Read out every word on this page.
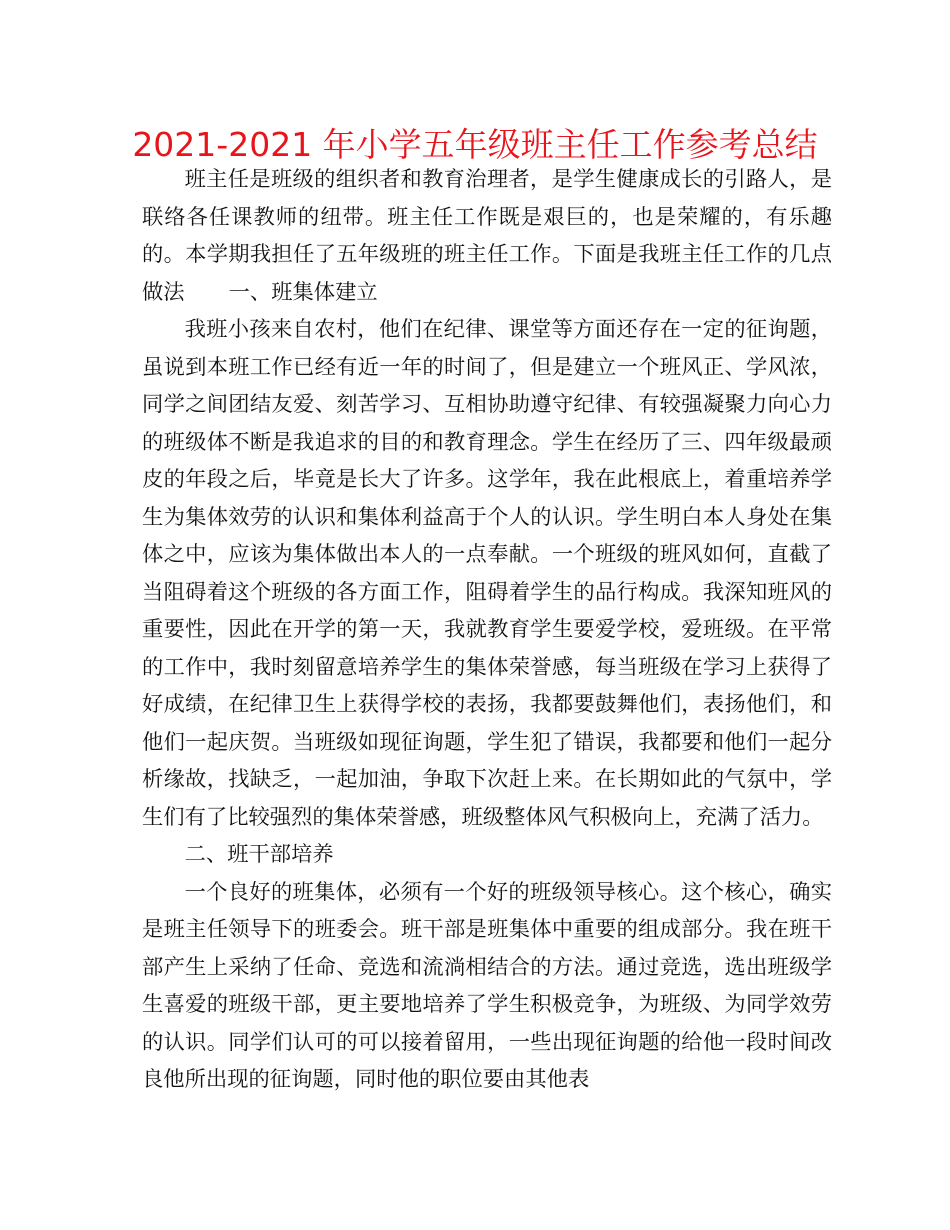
2021-2021 年小学五年级班主任工作参考总结

班主任是班级的组织者和教育治理者，是学生健康成长的引路人，是联络各任课教师的纽带。班主任工作既是艰巨的，也是荣耀的，有乐趣的。本学期我担任了五年级班的班主任工作。下面是我班主任工作的几点做法 一、班集体建立

我班小孩来自农村，他们在纪律、课堂等方面还存在一定的征询题，虽说到本班工作已经有近一年的时间了，但是建立一个班风正、学风浓，同学之间团结友爱、刻苦学习、互相协助遵守纪律、有较强凝聚力向心力的班级体不断是我追求的目的和教育理念。学生在经历了三、四年级最顽皮的年段之后，毕竟是长大了许多。这学年，我在此根底上，着重培养学生为集体效劳的认识和集体利益高于个人的认识。学生明白本人身处在集体之中，应该为集体做出本人的一点奉献。一个班级的班风如何，直截了当阻碍着这个班级的各方面工作，阻碍着学生的品行构成。我深知班风的重要性，因此在开学的第一天，我就教育学生要爱学校，爱班级。在平常的工作中，我时刻留意培养学生的集体荣誉感，每当班级在学习上获得了好成绩，在纪律卫生上获得学校的表扬，我都要鼓舞他们，表扬他们，和他们一起庆贺。当班级如现征询题，学生犯了错误，我都要和他们一起分析缘故，找缺乏，一起加油，争取下次赶上来。在长期如此的气氛中，学生们有了比较强烈的集体荣誉感，班级整体风气积极向上，充满了活力。

二、班干部培养

一个良好的班集体，必须有一个好的班级领导核心。这个核心，确实是班主任领导下的班委会。班干部是班集体中重要的组成部分。我在班干部产生上采纳了任命、竞选和流淌相结合的方法。通过竞选，选出班级学生喜爱的班级干部，更主要地培养了学生积极竞争，为班级、为同学效劳的认识。同学们认可的可以接着留用，一些出现征询题的给他一段时间改良他所出现的征询题，同时他的职位要由其他表
